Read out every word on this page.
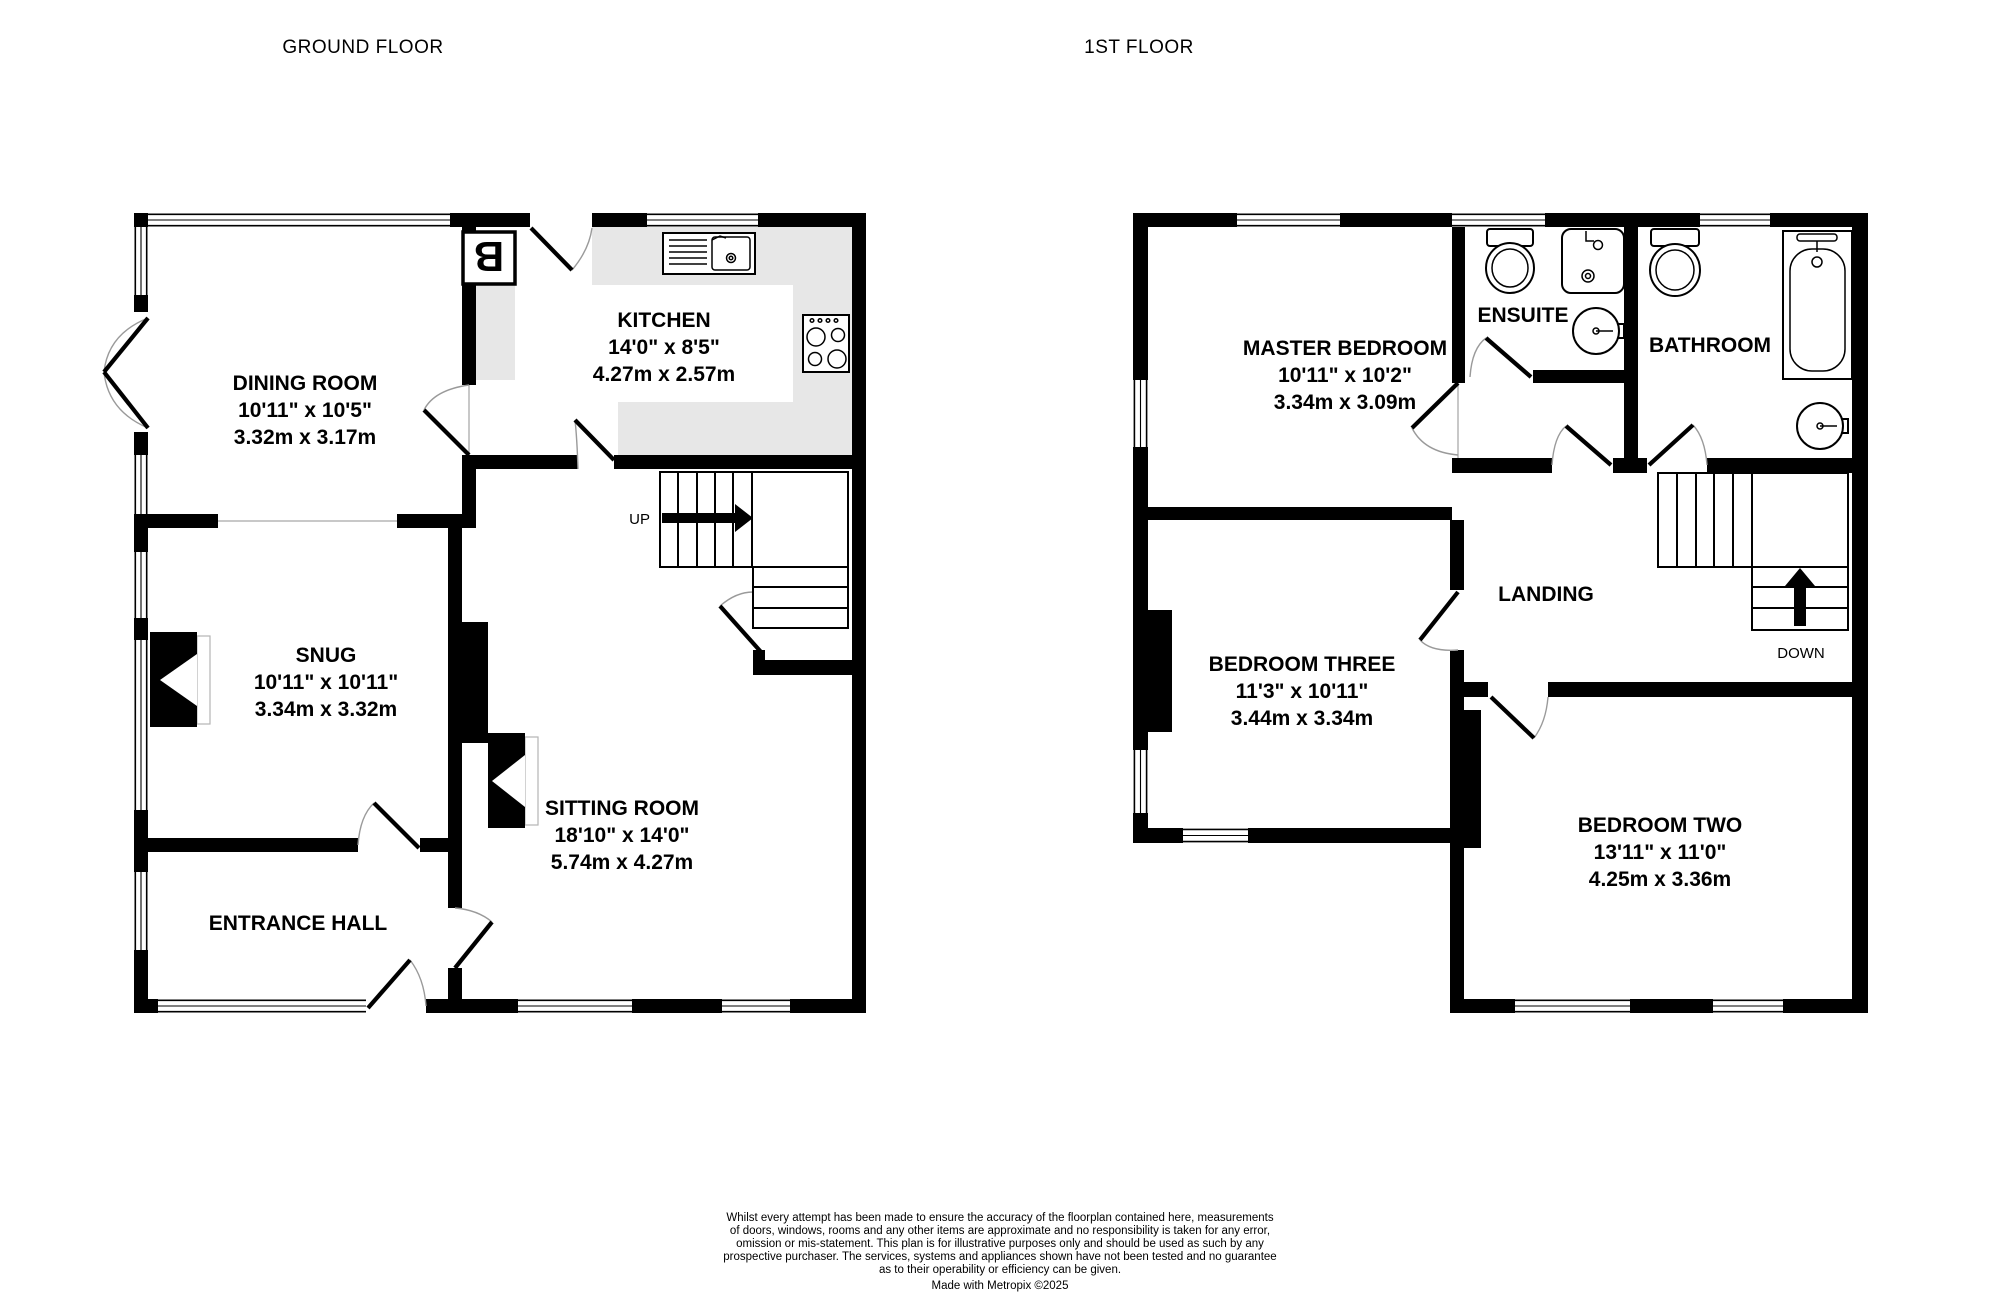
GROUND FLOOR	1ST FLOOR
UP
B
DINING ROOM
10'11" x 10'5"
3.32m x 3.17m
KITCHEN
14'0" x 8'5"
4.27m x 2.57m
SNUG
10'11" x 10'11"
3.34m x 3.32m
SITTING ROOM
18'10" x 14'0"
5.74m x 4.27m
ENTRANCE HALL
DOWN
MASTER BEDROOM
10'11" x 10'2"
3.34m x 3.09m
ENSUITE
BATHROOM
LANDING
BEDROOM THREE
11'3" x 10'11"
3.44m x 3.34m
BEDROOM TWO
13'11" x 11'0"
4.25m x 3.36m
Whilst every attempt has been made to ensure the accuracy of the floorplan contained here, measurements
of doors, windows, rooms and any other items are approximate and no responsibility is taken for any error,
omission or mis-statement. This plan is for illustrative purposes only and should be used as such by any
prospective purchaser. The services, systems and appliances shown have not been tested and no guarantee
as to their operability or efficiency can be given.
Made with Metropix ©2025
